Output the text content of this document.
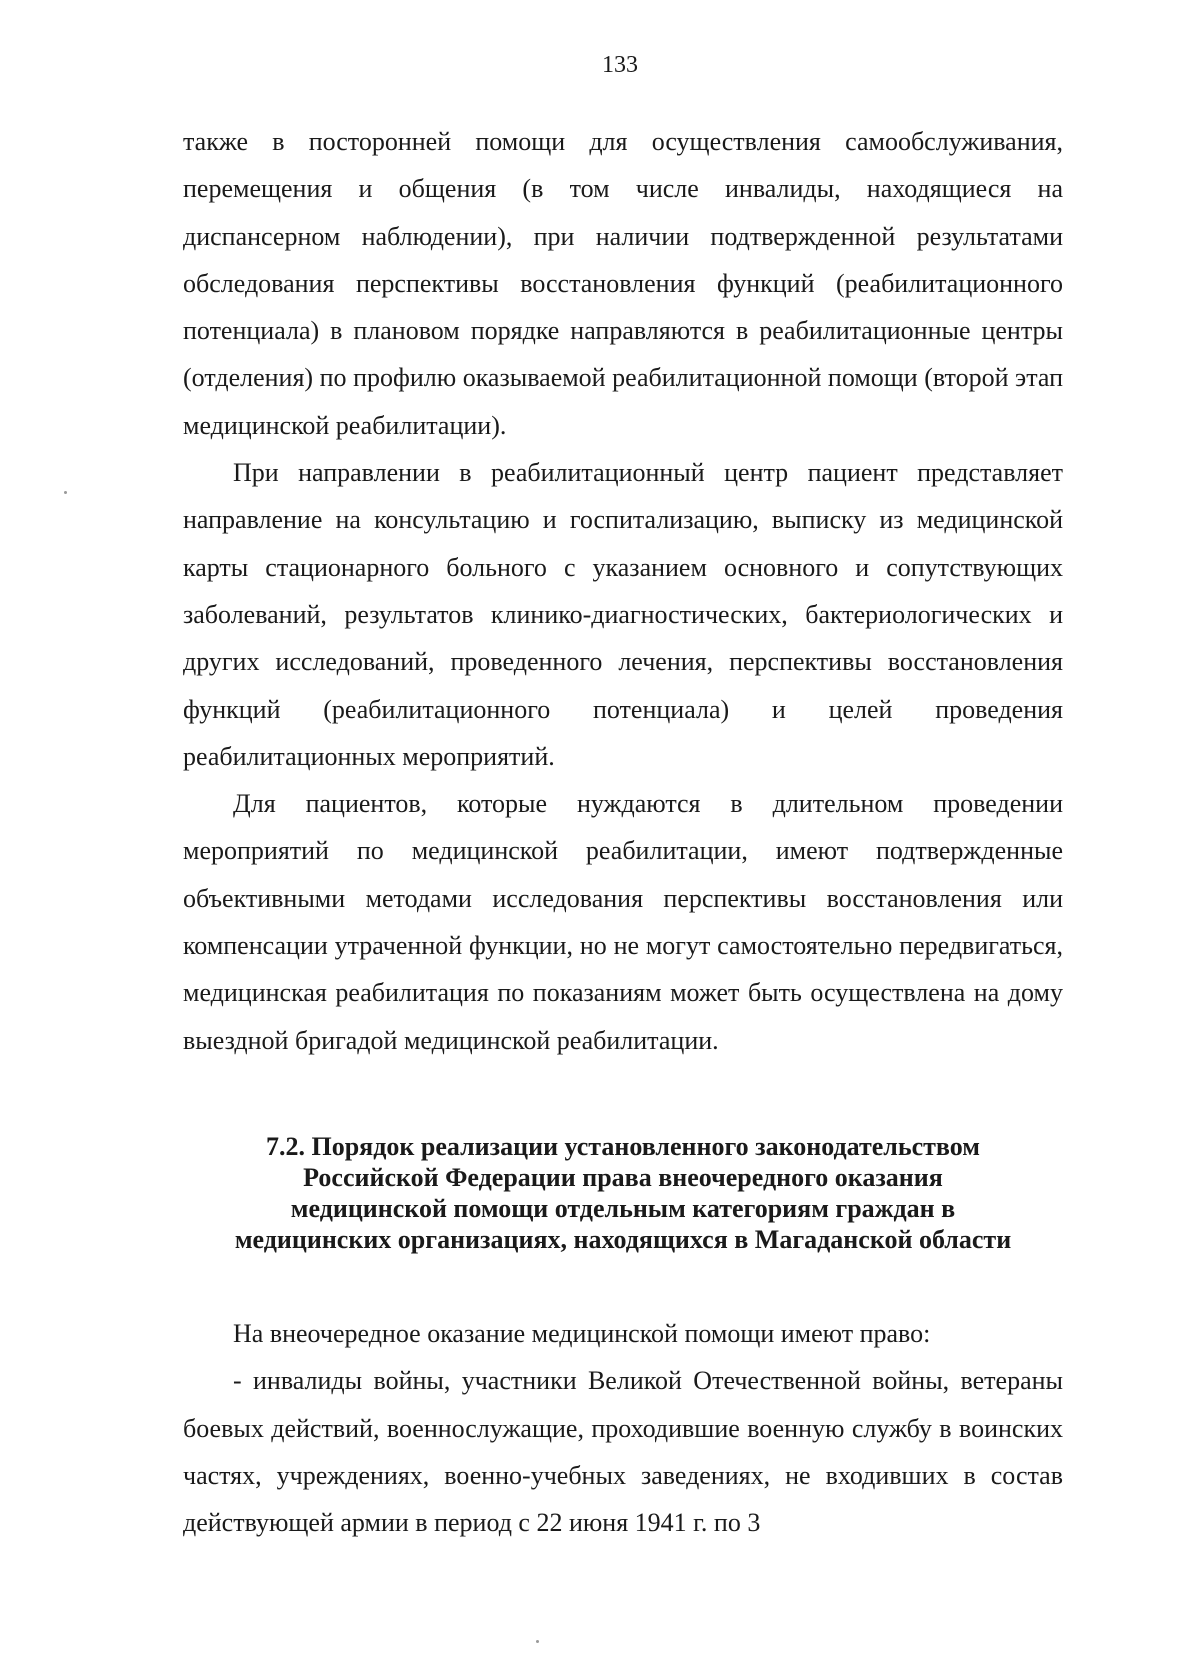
133

также в посторонней помощи для осуществления самообслуживания, перемещения и общения (в том числе инвалиды, находящиеся на диспансерном наблюдении), при наличии подтвержденной результатами обследования перспективы восстановления функций (реабилитационного потенциала) в плановом порядке направляются в реабилитационные центры (отделения) по профилю оказываемой реабилитационной помощи (второй этап медицинской реабилитации).

При направлении в реабилитационный центр пациент представляет направление на консультацию и госпитализацию, выписку из медицинской карты стационарного больного с указанием основного и сопутствующих заболеваний, результатов клинико-диагностических, бактериологических и других исследований, проведенного лечения, перспективы восстановления функций (реабилитационного потенциала) и целей проведения реабилитационных мероприятий.

Для пациентов, которые нуждаются в длительном проведении мероприятий по медицинской реабилитации, имеют подтвержденные объективными методами исследования перспективы восстановления или компенсации утраченной функции, но не могут самостоятельно передвигаться, медицинская реабилитация по показаниям может быть осуществлена на дому выездной бригадой медицинской реабилитации.

7.2. Порядок реализации установленного законодательством Российской Федерации права внеочередного оказания медицинской помощи отдельным категориям граждан в медицинских организациях, находящихся в Магаданской области

На внеочередное оказание медицинской помощи имеют право:

- инвалиды войны, участники Великой Отечественной войны, ветераны боевых действий, военнослужащие, проходившие военную службу в воинских частях, учреждениях, военно-учебных заведениях, не входивших в состав действующей армии в период с 22 июня 1941 г. по 3
